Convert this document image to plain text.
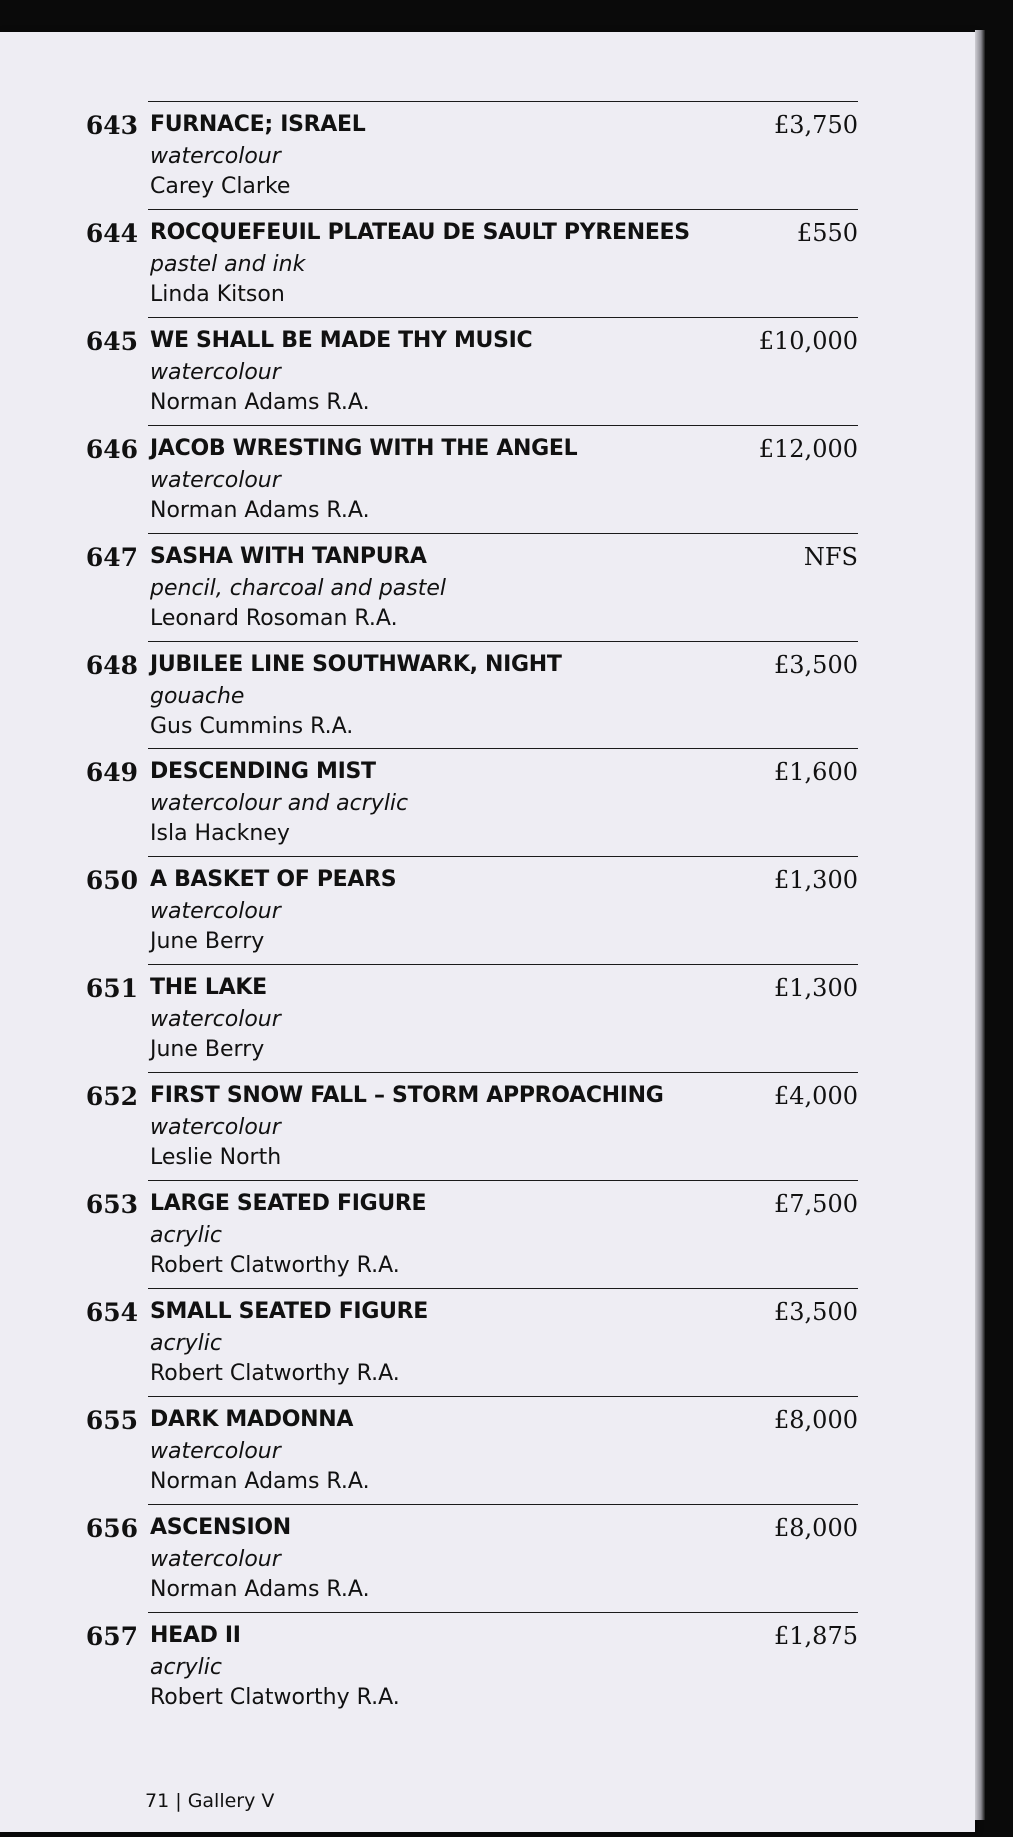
643 FURNACE; ISRAEL
watercolour
Carey Clarke
£3,750
644 ROCQUEFEUIL PLATEAU DE SAULT PYRENEES
pastel and ink
Linda Kitson
£550
645 WE SHALL BE MADE THY MUSIC
watercolour
Norman Adams R.A.
£10,000
646 JACOB WRESTING WITH THE ANGEL
watercolour
Norman Adams R.A.
£12,000
647 SASHA WITH TANPURA
pencil, charcoal and pastel
Leonard Rosoman R.A.
NFS
648 JUBILEE LINE SOUTHWARK, NIGHT
gouache
Gus Cummins R.A.
£3,500
649 DESCENDING MIST
watercolour and acrylic
Isla Hackney
£1,600
650 A BASKET OF PEARS
watercolour
June Berry
£1,300
651 THE LAKE
watercolour
June Berry
£1,300
652 FIRST SNOW FALL – STORM APPROACHING
watercolour
Leslie North
£4,000
653 LARGE SEATED FIGURE
acrylic
Robert Clatworthy R.A.
£7,500
654 SMALL SEATED FIGURE
acrylic
Robert Clatworthy R.A.
£3,500
655 DARK MADONNA
watercolour
Norman Adams R.A.
£8,000
656 ASCENSION
watercolour
Norman Adams R.A.
£8,000
657 HEAD II
acrylic
Robert Clatworthy R.A.
£1,875
71 | Gallery V
